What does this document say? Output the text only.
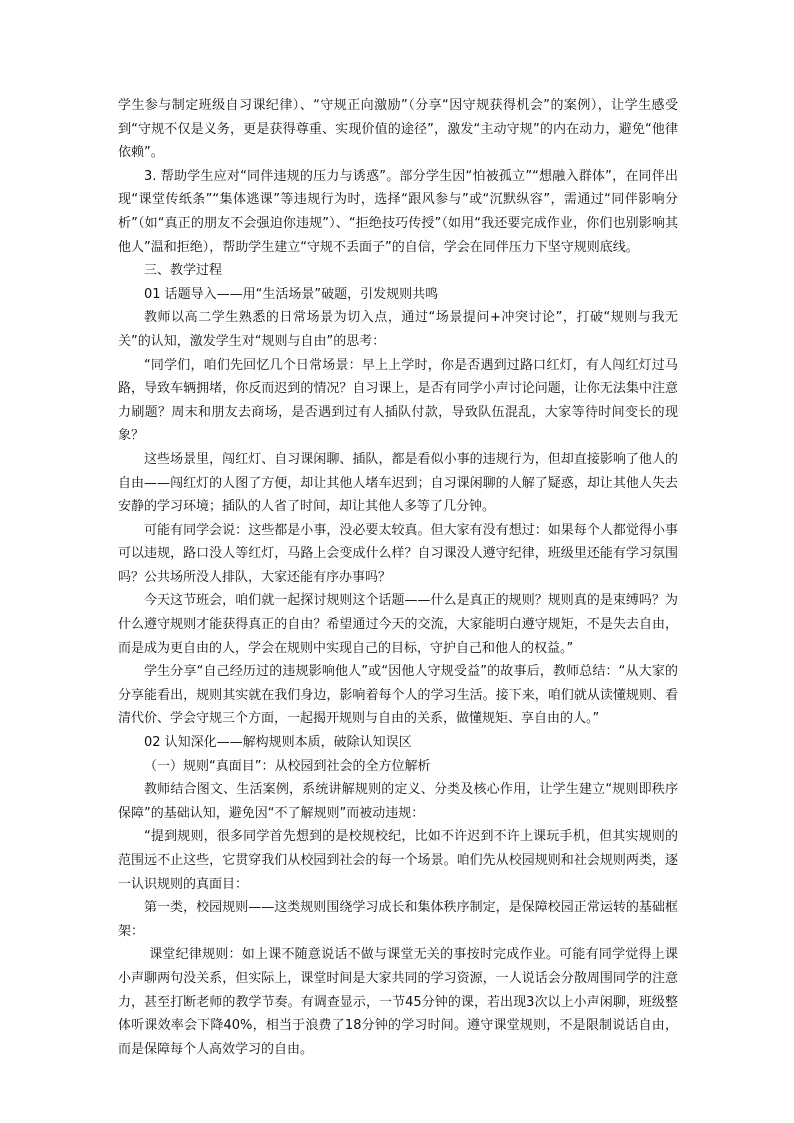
学生参与制定班级自习课纪律）、“守规正向激励”（分享“因守规获得机会”的案例），让学生感受到“守规不仅是义务，更是获得尊重、实现价值的途径”，激发“主动守规”的内在动力，避免“他律依赖”。

3. 帮助学生应对“同伴违规的压力与诱惑”。部分学生因“怕被孤立”“想融入群体”，在同伴出现“课堂传纸条”“集体逃课”等违规行为时，选择“跟风参与”或“沉默纵容”，需通过“同伴影响分析”（如“真正的朋友不会强迫你违规”）、“拒绝技巧传授”（如用“我还要完成作业，你们也别影响其他人”温和拒绝），帮助学生建立“守规不丢面子”的自信，学会在同伴压力下坚守规则底线。

三、教学过程

01 话题导入——用“生活场景”破题，引发规则共鸣

教师以高二学生熟悉的日常场景为切入点，通过“场景提问+冲突讨论”，打破“规则与我无关”的认知，激发学生对“规则与自由”的思考：

“同学们，咱们先回忆几个日常场景：早上上学时，你是否遇到过路口红灯，有人闯红灯过马路，导致车辆拥堵，你反而迟到的情况？自习课上，是否有同学小声讨论问题，让你无法集中注意力刷题？周末和朋友去商场，是否遇到过有人插队付款，导致队伍混乱，大家等待时间变长的现象？

这些场景里，闯红灯、自习课闲聊、插队，都是看似小事的违规行为，但却直接影响了他人的自由——闯红灯的人图了方便，却让其他人堵车迟到；自习课闲聊的人解了疑惑，却让其他人失去安静的学习环境；插队的人省了时间，却让其他人多等了几分钟。

可能有同学会说：这些都是小事，没必要太较真。但大家有没有想过：如果每个人都觉得小事可以违规，路口没人等红灯，马路上会变成什么样？自习课没人遵守纪律，班级里还能有学习氛围吗？公共场所没人排队，大家还能有序办事吗？

今天这节班会，咱们就一起探讨规则这个话题——什么是真正的规则？规则真的是束缚吗？为什么遵守规则才能获得真正的自由？希望通过今天的交流，大家能明白遵守规矩，不是失去自由，而是成为更自由的人，学会在规则中实现自己的目标，守护自己和他人的权益。”

学生分享“自己经历过的违规影响他人”或“因他人守规受益”的故事后，教师总结：“从大家的分享能看出，规则其实就在我们身边，影响着每个人的学习生活。接下来，咱们就从读懂规则、看清代价、学会守规三个方面，一起揭开规则与自由的关系，做懂规矩、享自由的人。”

02 认知深化——解构规则本质，破除认知误区

（一）规则“真面目”：从校园到社会的全方位解析

教师结合图文、生活案例，系统讲解规则的定义、分类及核心作用，让学生建立“规则即秩序保障”的基础认知，避免因“不了解规则”而被动违规：

“提到规则，很多同学首先想到的是校规校纪，比如不许迟到不许上课玩手机，但其实规则的范围远不止这些，它贯穿我们从校园到社会的每一个场景。咱们先从校园规则和社会规则两类，逐一认识规则的真面目：

第一类，校园规则——这类规则围绕学习成长和集体秩序制定，是保障校园正常运转的基础框架：

课堂纪律规则：如上课不随意说话不做与课堂无关的事按时完成作业。可能有同学觉得上课小声聊两句没关系，但实际上，课堂时间是大家共同的学习资源，一人说话会分散周围同学的注意力，甚至打断老师的教学节奏。有调查显示，一节45分钟的课，若出现3次以上小声闲聊，班级整体听课效率会下降40%，相当于浪费了18分钟的学习时间。遵守课堂规则，不是限制说话自由，而是保障每个人高效学习的自由。
